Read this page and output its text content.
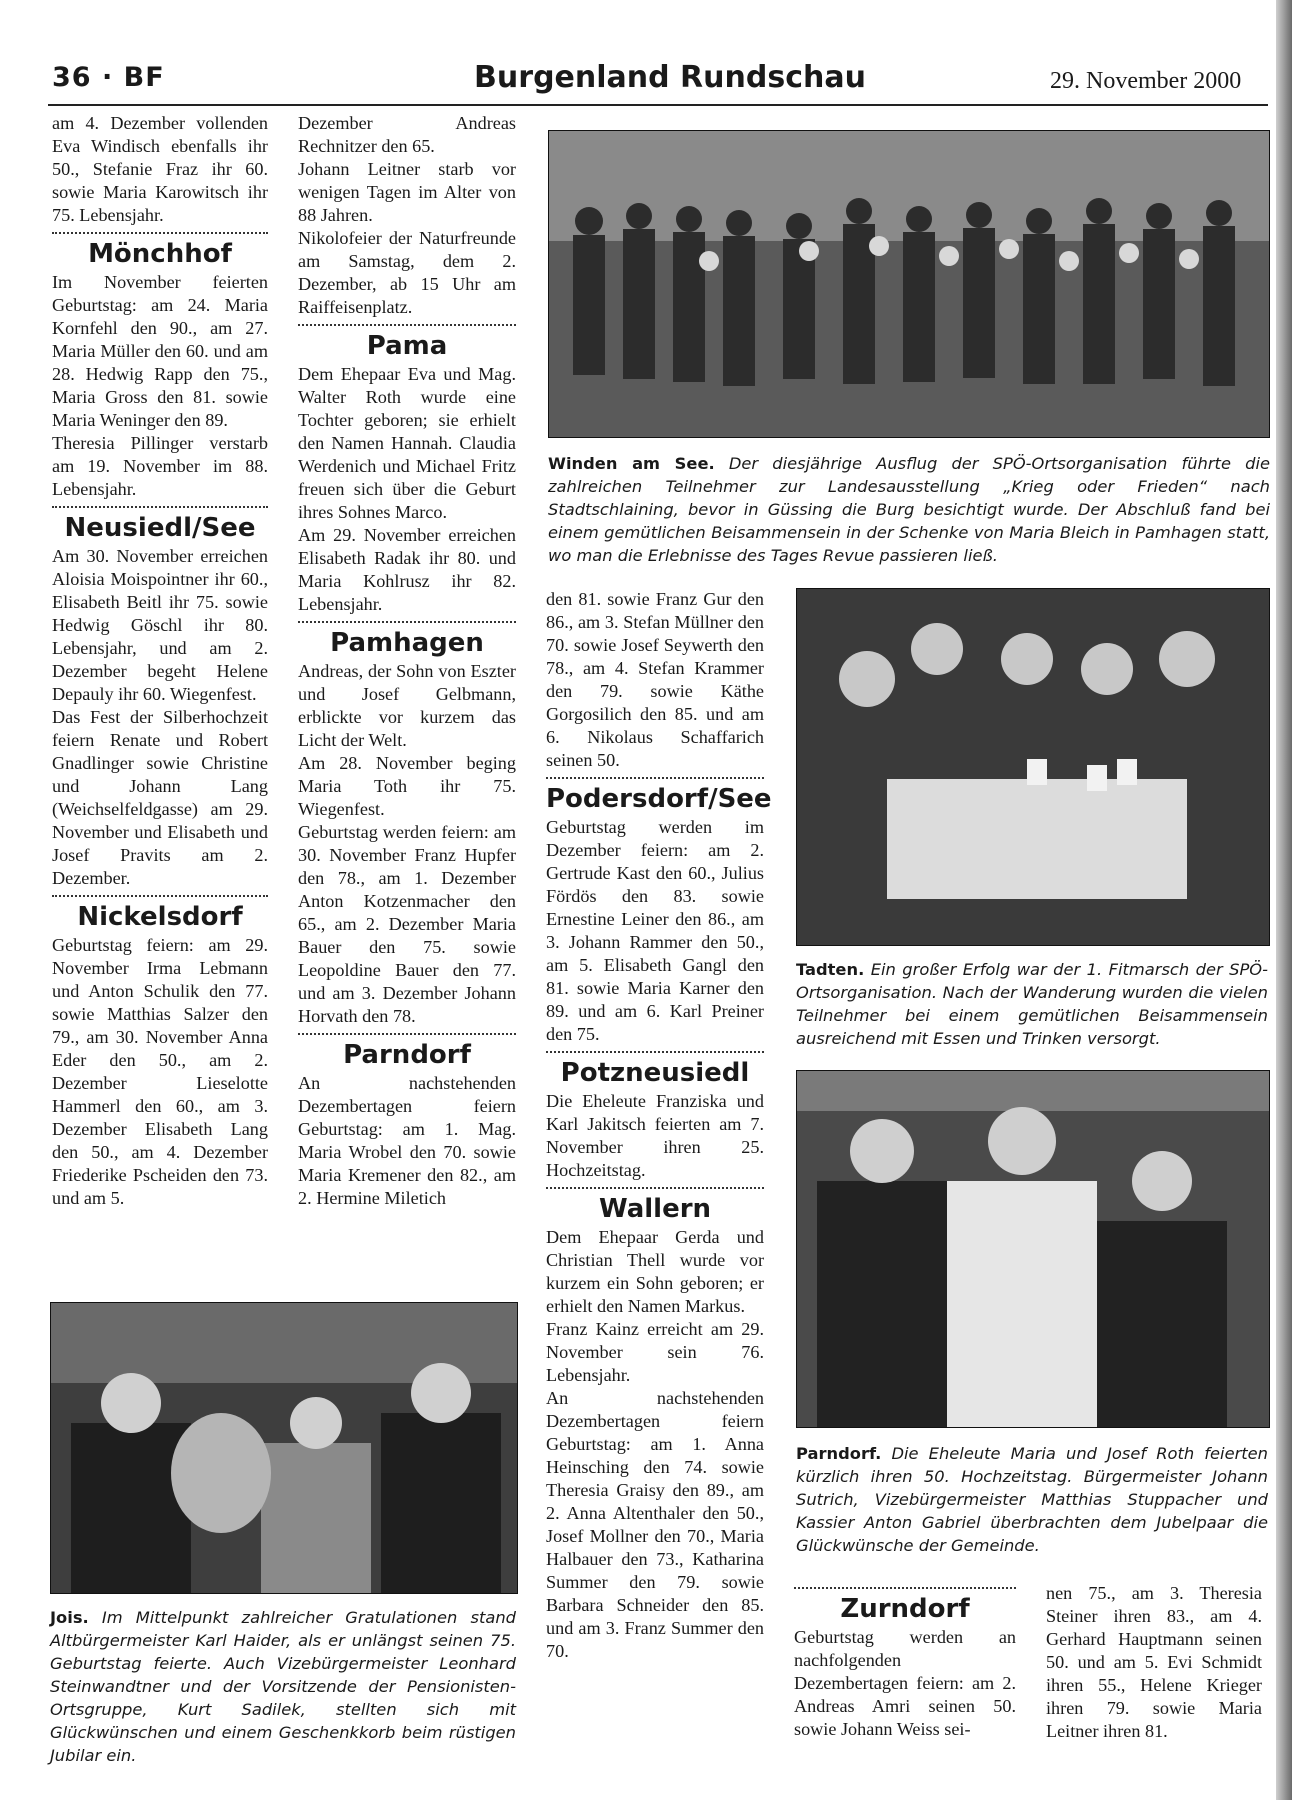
36 · BF	Burgenland Rundschau	29. November 2000

am 4. Dezember vollenden Eva Windisch ebenfalls ihr 50., Stefanie Fraz ihr 60. sowie Maria Karowitsch ihr 75. Lebensjahr.

Mönchhof

Im November feierten Geburtstag: am 24. Maria Kornfehl den 90., am 27. Maria Müller den 60. und am 28. Hedwig Rapp den 75., Maria Gross den 81. sowie Maria Weninger den 89.

Theresia Pillinger verstarb am 19. November im 88. Lebensjahr.

Neusiedl/See

Am 30. November erreichen Aloisia Moispointner ihr 60., Elisabeth Beitl ihr 75. sowie Hedwig Göschl ihr 80. Lebensjahr, und am 2. Dezember begeht Helene Depauly ihr 60. Wiegenfest.

Das Fest der Silberhochzeit feiern Renate und Robert Gnadlinger sowie Christine und Johann Lang (Weichselfeldgasse) am 29. November und Elisabeth und Josef Pravits am 2. Dezember.

Nickelsdorf

Geburtstag feiern: am 29. November Irma Lebmann und Anton Schulik den 77. sowie Matthias Salzer den 79., am 30. November Anna Eder den 50., am 2. Dezember Lieselotte Hammerl den 60., am 3. Dezember Elisabeth Lang den 50., am 4. Dezember Friederike Pscheiden den 73. und am 5.

Dezember Andreas Rechnitzer den 65.

Johann Leitner starb vor wenigen Tagen im Alter von 88 Jahren.

Nikolofeier der Naturfreunde am Samstag, dem 2. Dezember, ab 15 Uhr am Raiffeisenplatz.

Pama

Dem Ehepaar Eva und Mag. Walter Roth wurde eine Tochter geboren; sie erhielt den Namen Hannah. Claudia Werdenich und Michael Fritz freuen sich über die Geburt ihres Sohnes Marco.

Am 29. November erreichen Elisabeth Radak ihr 80. und Maria Kohlrusz ihr 82. Lebensjahr.

Pamhagen

Andreas, der Sohn von Eszter und Josef Gelbmann, erblickte vor kurzem das Licht der Welt.

Am 28. November beging Maria Toth ihr 75. Wiegenfest.

Geburtstag werden feiern: am 30. November Franz Hupfer den 78., am 1. Dezember Anton Kotzenmacher den 65., am 2. Dezember Maria Bauer den 75. sowie Leopoldine Bauer den 77. und am 3. Dezember Johann Horvath den 78.

Parndorf

An nachstehenden Dezembertagen feiern Geburtstag: am 1. Mag. Maria Wrobel den 70. sowie Maria Kremener den 82., am 2. Hermine Miletich

den 81. sowie Franz Gur den 86., am 3. Stefan Müllner den 70. sowie Josef Seywerth den 78., am 4. Stefan Krammer den 79. sowie Käthe Gorgosilich den 85. und am 6. Nikolaus Schaffarich seinen 50.

Podersdorf/See

Geburtstag werden im Dezember feiern: am 2. Gertrude Kast den 60., Julius Fördös den 83. sowie Ernestine Leiner den 86., am 3. Johann Rammer den 50., am 5. Elisabeth Gangl den 81. sowie Maria Karner den 89. und am 6. Karl Preiner den 75.

Potzneusiedl

Die Eheleute Franziska und Karl Jakitsch feierten am 7. November ihren 25. Hochzeitstag.

Wallern

Dem Ehepaar Gerda und Christian Thell wurde vor kurzem ein Sohn geboren; er erhielt den Namen Markus.

Franz Kainz erreicht am 29. November sein 76. Lebensjahr.

An nachstehenden Dezembertagen feiern Geburtstag: am 1. Anna Heinsching den 74. sowie Theresia Graisy den 89., am 2. Anna Altenthaler den 50., Josef Mollner den 70., Maria Halbauer den 73., Katharina Summer den 79. sowie Barbara Schneider den 85. und am 3. Franz Summer den 70.

Zurndorf

Geburtstag werden an nachfolgenden Dezembertagen feiern: am 2. Andreas Amri seinen 50. sowie Johann Weiss sei-

nen 75., am 3. Theresia Steiner ihren 83., am 4. Gerhard Hauptmann seinen 50. und am 5. Evi Schmidt ihren 55., Helene Krieger ihren 79. sowie Maria Leitner ihren 81.

Winden am See. Der diesjährige Ausflug der SPÖ-Ortsorganisation führte die zahlreichen Teilnehmer zur Landesausstellung „Krieg oder Frieden“ nach Stadtschlaining, bevor in Güssing die Burg besichtigt wurde. Der Abschluß fand bei einem gemütlichen Beisammensein in der Schenke von Maria Bleich in Pamhagen statt, wo man die Erlebnisse des Tages Revue passieren ließ.
Tadten. Ein großer Erfolg war der 1. Fitmarsch der SPÖ-Ortsorganisation. Nach der Wanderung wurden die vielen Teilnehmer bei einem gemütlichen Beisammensein ausreichend mit Essen und Trinken versorgt.
Parndorf. Die Eheleute Maria und Josef Roth feierten kürzlich ihren 50. Hochzeitstag. Bürgermeister Johann Sutrich, Vizebürgermeister Matthias Stuppacher und Kassier Anton Gabriel überbrachten dem Jubelpaar die Glückwünsche der Gemeinde.
Jois. Im Mittelpunkt zahlreicher Gratulationen stand Altbürgermeister Karl Haider, als er unlängst seinen 75. Geburtstag feierte. Auch Vizebürgermeister Leonhard Steinwandtner und der Vorsitzende der Pensionisten-Ortsgruppe, Kurt Sadilek, stellten sich mit Glückwünschen und einem Geschenkkorb beim rüstigen Jubilar ein.
